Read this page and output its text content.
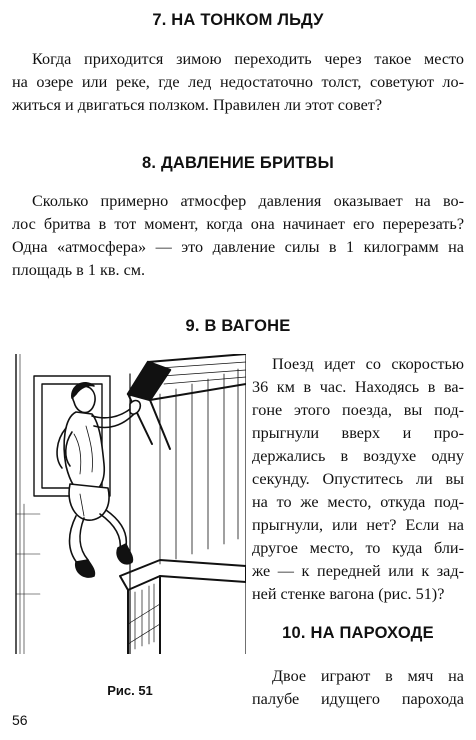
7. НА ТОНКОМ ЛЬДУ

Когда приходится зимою переходить через такое место
на озере или реке, где лед недостаточно толст, советуют ло-
житься и двигаться ползком. Правилен ли этот совет?

8. ДАВЛЕНИЕ БРИТВЫ

Сколько примерно атмосфер давления оказывает на во-
лос бритва в тот момент, когда она начинает его перерезать?
Одна «атмосфера» — это давление силы в 1 килограмм на
площадь в 1 кв. см.

9. В ВАГОНЕ

Поезд идет со скоростью
36 км в час. Находясь в ва-
гоне этого поезда, вы под-
прыгнули вверх и про-
держались в воздухе одну
секунду. Опуститесь ли вы
на то же место, откуда под-
прыгнули, или нет? Если на
другое место, то куда бли-
же — к передней или к зад-
ней стенке вагона (рис. 51)?

Рис. 51

10. НА ПАРОХОДЕ

Двое играют в мяч на
палубе идущего парохода

56
